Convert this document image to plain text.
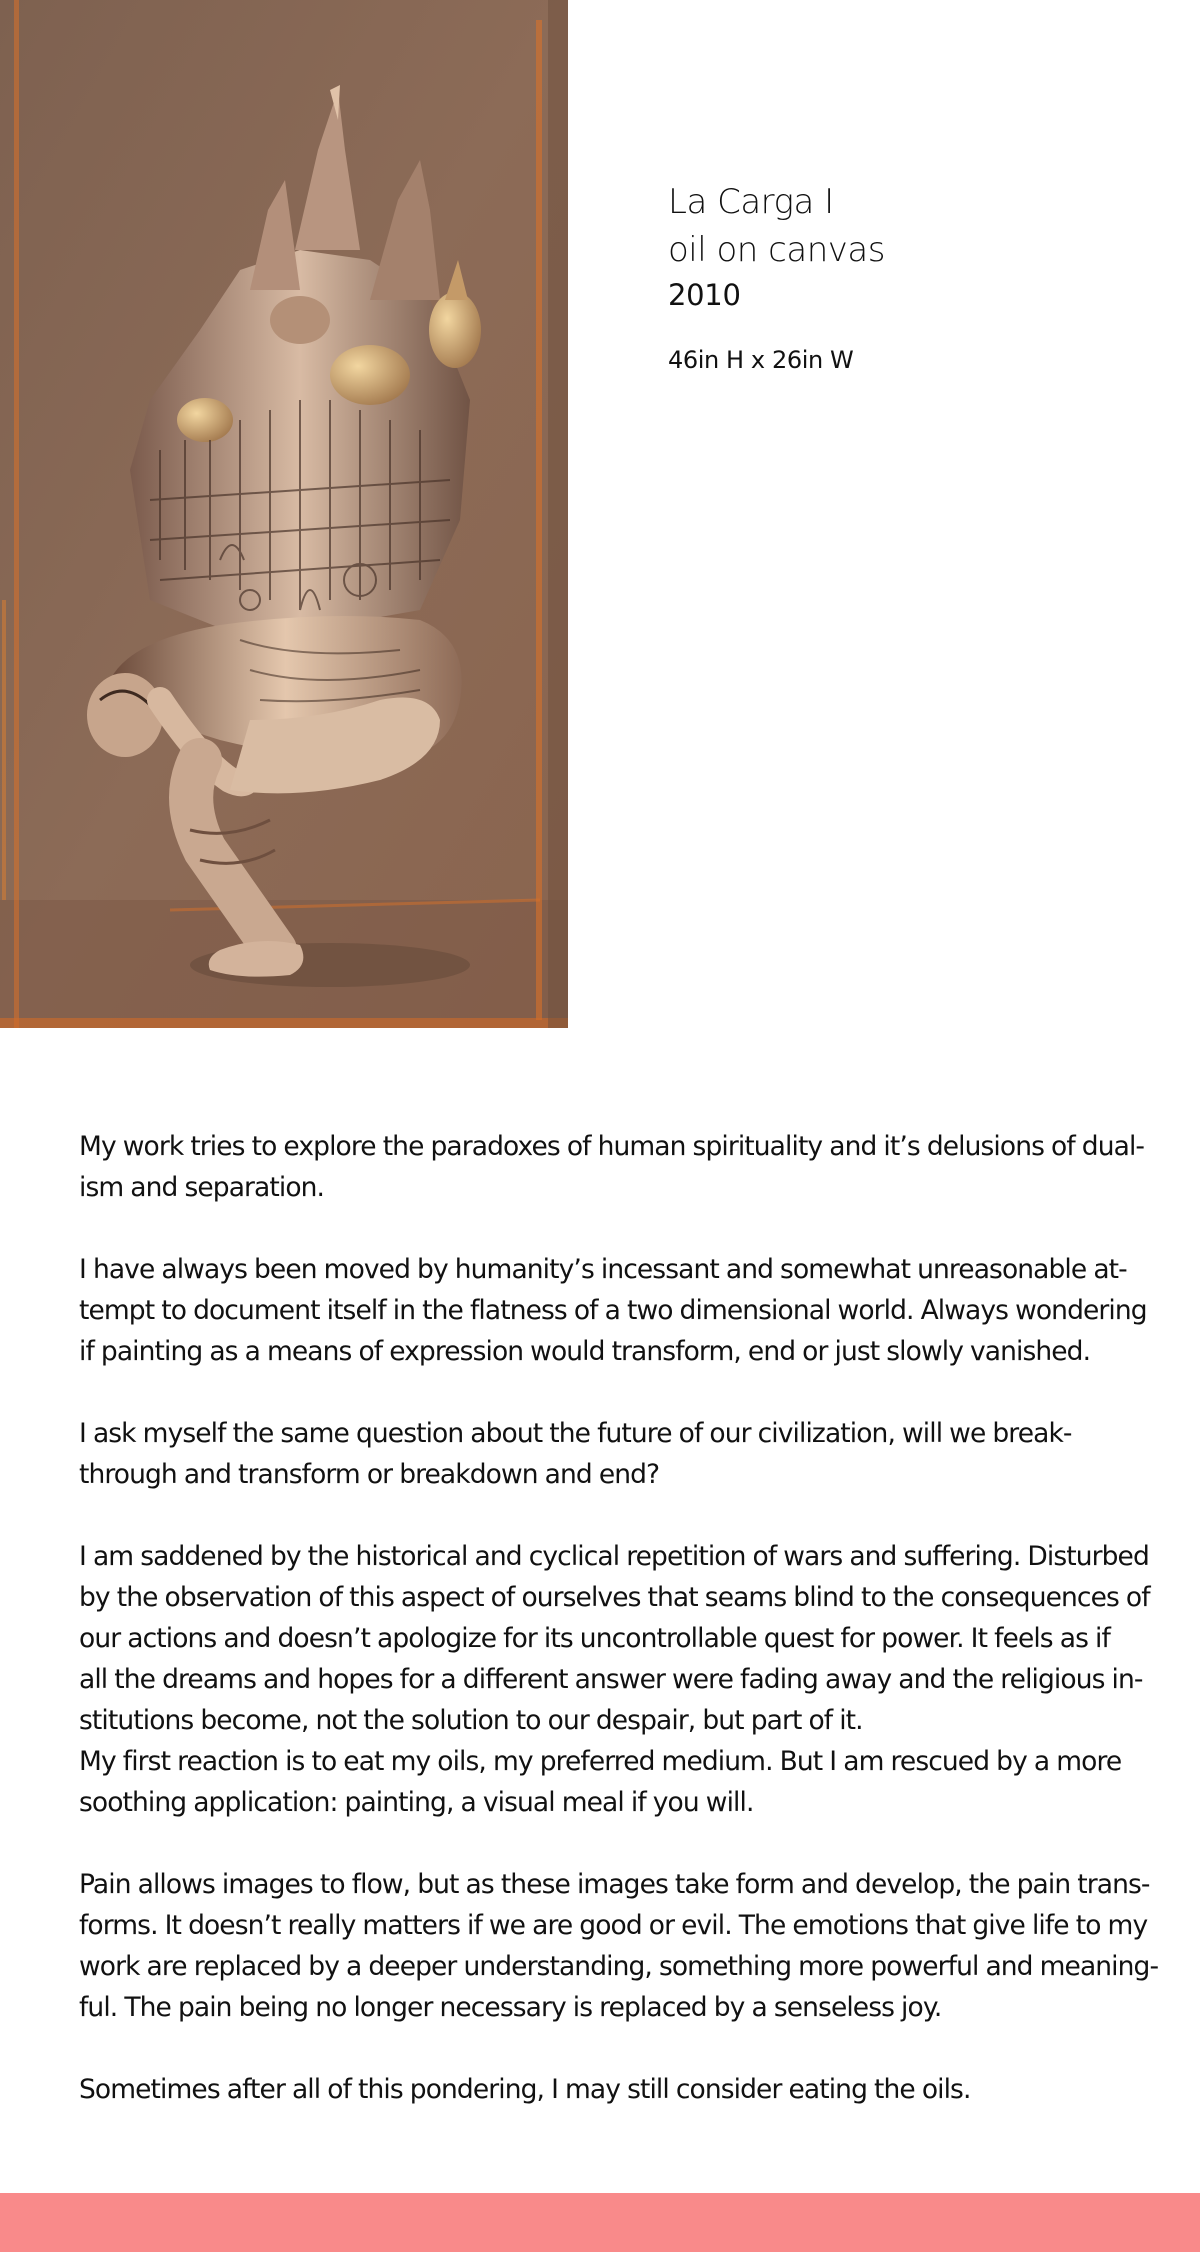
La Carga I
oil on canvas
2010
46in H x 26in W
My work tries to explore the paradoxes of human spirituality and it’s delusions of dual-
ism and separation.
I have always been moved by humanity’s incessant and somewhat unreasonable at-
tempt to document itself in the flatness of a two dimensional world. Always wondering
if painting as a means of expression would transform, end or just slowly vanished.
I ask myself the same question about the future of our civilization, will we break-
through and transform or breakdown and end?
I am saddened by the historical and cyclical repetition of wars and suffering. Disturbed
by the observation of this aspect of ourselves that seams blind to the consequences of
our actions and doesn’t apologize for its uncontrollable quest for power. It feels as if
all the dreams and hopes for a different answer were fading away and the religious in-
stitutions become, not the solution to our despair, but part of it.
My first reaction is to eat my oils, my preferred medium. But I am rescued by a more
soothing application: painting, a visual meal if you will.
Pain allows images to flow, but as these images take form and develop, the pain trans-
forms. It doesn’t really matters if we are good or evil. The emotions that give life to my
work are replaced by a deeper understanding, something more powerful and meaning-
ful. The pain being no longer necessary is replaced by a senseless joy.
Sometimes after all of this pondering, I may still consider eating the oils.
